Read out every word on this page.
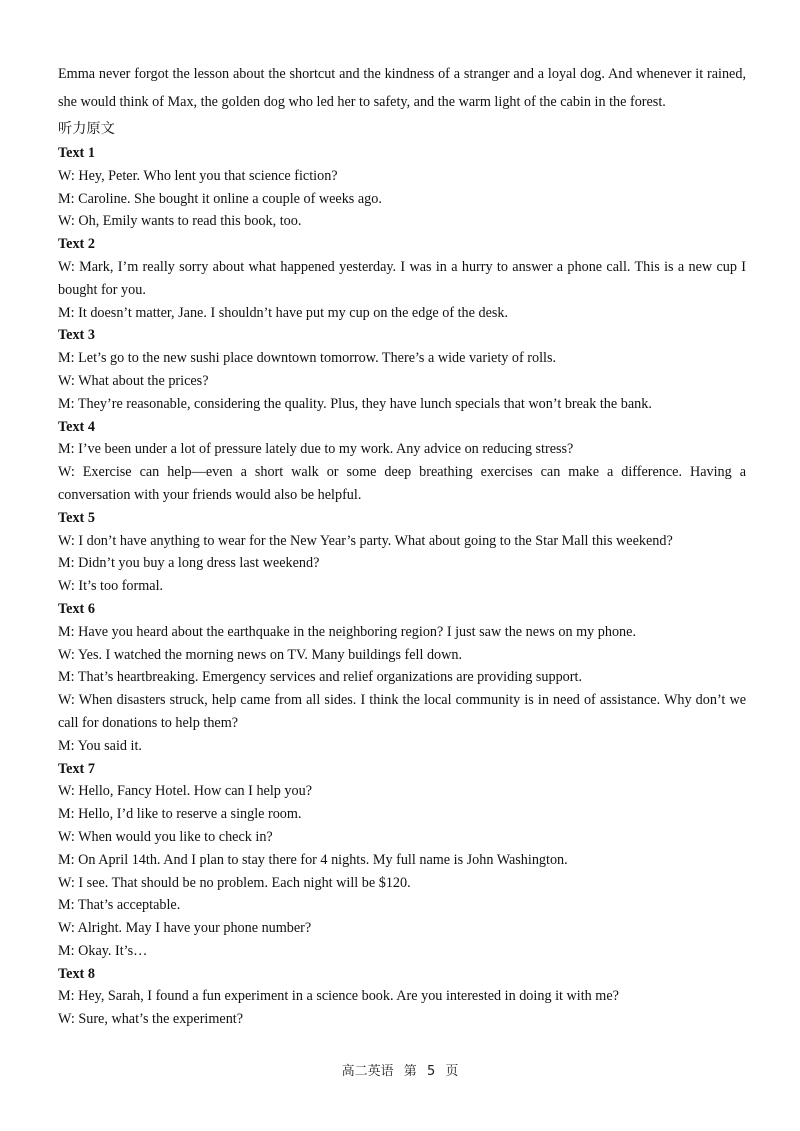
Emma never forgot the lesson about the shortcut and the kindness of a stranger and a loyal dog. And whenever it rained, she would think of Max, the golden dog who led her to safety, and the warm light of the cabin in the forest.

听力原文

Text 1

W: Hey, Peter. Who lent you that science fiction?

M: Caroline. She bought it online a couple of weeks ago.

W: Oh, Emily wants to read this book, too.

Text 2

W: Mark, I’m really sorry about what happened yesterday. I was in a hurry to answer a phone call. This is a new cup I bought for you.

M: It doesn’t matter, Jane. I shouldn’t have put my cup on the edge of the desk.

Text 3

M: Let’s go to the new sushi place downtown tomorrow. There’s a wide variety of rolls.

W: What about the prices?

M: They’re reasonable, considering the quality. Plus, they have lunch specials that won’t break the bank.

Text 4

M: I’ve been under a lot of pressure lately due to my work. Any advice on reducing stress?

W: Exercise can help—even a short walk or some deep breathing exercises can make a difference. Having a conversation with your friends would also be helpful.

Text 5

W: I don’t have anything to wear for the New Year’s party. What about going to the Star Mall this weekend?

M: Didn’t you buy a long dress last weekend?

W: It’s too formal.

Text 6

M: Have you heard about the earthquake in the neighboring region? I just saw the news on my phone.

W: Yes. I watched the morning news on TV. Many buildings fell down.

M: That’s heartbreaking. Emergency services and relief organizations are providing support.

W: When disasters struck, help came from all sides. I think the local community is in need of assistance. Why don’t we call for donations to help them?

M: You said it.

Text 7

W: Hello, Fancy Hotel. How can I help you?

M: Hello, I’d like to reserve a single room.

W: When would you like to check in?

M: On April 14th. And I plan to stay there for 4 nights. My full name is John Washington.

W: I see. That should be no problem. Each night will be $120.

M: That’s acceptable.

W: Alright. May I have your phone number?

M: Okay. It’s…

Text 8

M: Hey, Sarah, I found a fun experiment in a science book. Are you interested in doing it with me?

W: Sure, what’s the experiment?

高二英语 第 5 页
